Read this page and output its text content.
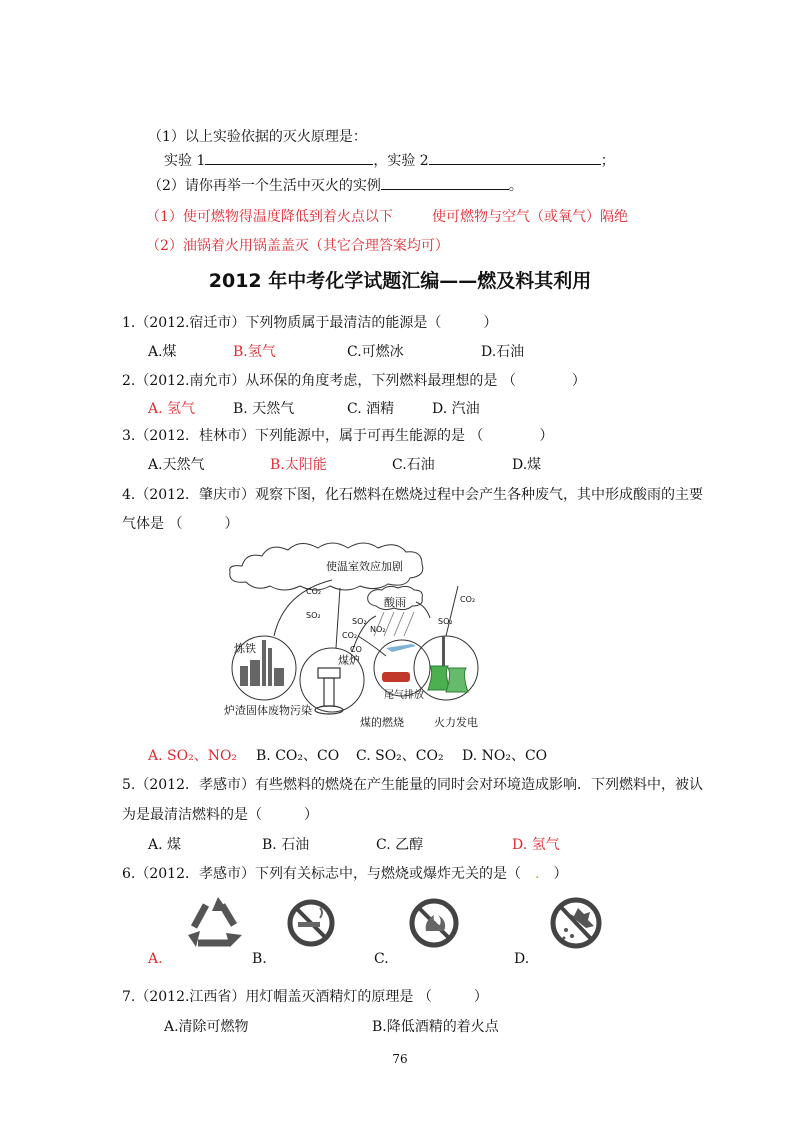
（1）以上实验依据的灭火原理是：
实验 1	，实验 2	；
（2）请你再举一个生活中灭火的实例	。
（1）使可燃物得温度降低到着火点以下	使可燃物与空气（或氧气）隔绝
（2）油锅着火用锅盖盖灭（其它合理答案均可）
2012 年中考化学试题汇编——燃及料其利用
1.（2012.宿迁市）下列物质属于最清洁的能源是（　　　）
A.煤	B.氢气	C.可燃冰	D.石油
2.（2012.南允市）从环保的角度考虑，下列燃料最理想的是 （　　　　）
A. 氢气	B. 天然气	C. 酒精	D. 汽油
3.（2012．桂林市）下列能源中，属于可再生能源的是 （　　　　）
A.天然气	B.太阳能	C.石油	D.煤
4.（2012．肇庆市）观察下图，化石燃料在燃烧过程中会产生各种废气，其中形成酸雨的主要
气体是 （　　　）
使温室效应加剧
酸雨
CO₂
SO₂
CO₂
SO₂
NO₂
CO₂
SO₂
CO
炼铁
煤炉
尾气排放
火力发电
炉渣固体废物污染
煤的燃烧
A. SO₂、NO₂ B. CO₂、CO C. SO₂、CO₂ D. NO₂、CO
5.（2012．孝感市）有些燃料的燃烧在产生能量的同时会对环境造成影响．下列燃料中，被认
为是最清洁燃料的是（　　　）
A. 煤	B. 石油	C. 乙醇	D. 氢气
6.（2012．孝感市）下列有关标志中，与燃烧或爆炸无关的是（　.　）
A.	B.	C.	D.
7.（2012.江西省）用灯帽盖灭酒精灯的原理是 （　　　）
A.清除可燃物	B.降低酒精的着火点
76
